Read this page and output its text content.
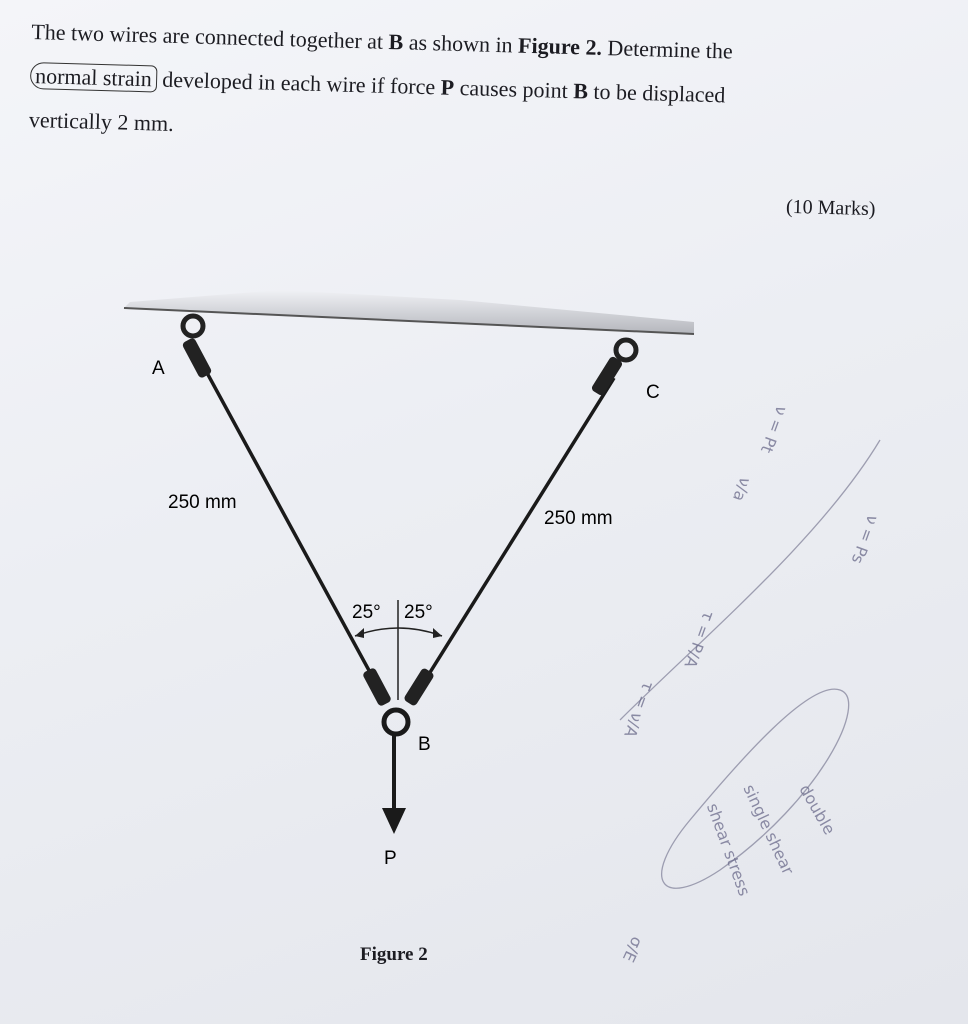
The two wires are connected together at B as shown in Figure 2. Determine the
normal strain developed in each wire if force P causes point B to be displaced
vertically 2 mm.
(10 Marks)
A
C
B
P
250 mm
250 mm
25° 25°
Figure 2
ν/a
ν = Pt
τ = P/A
ν = Ps
τ = ν/A
double
single shear
shear stress
σ/E
